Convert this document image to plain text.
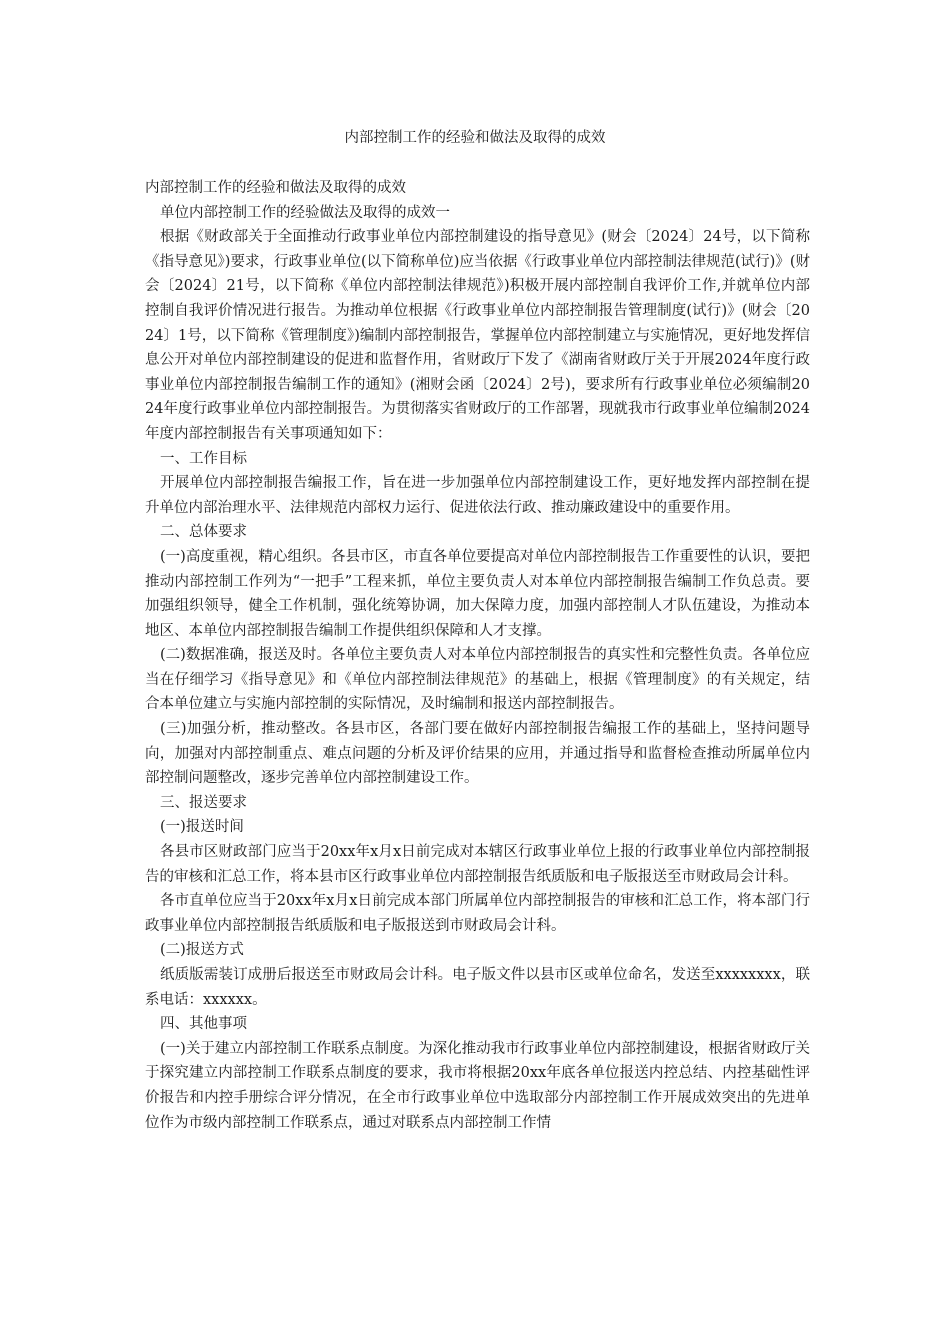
内部控制工作的经验和做法及取得的成效

内部控制工作的经验和做法及取得的成效

单位内部控制工作的经验做法及取得的成效一

根据《财政部关于全面推动行政事业单位内部控制建设的指导意见》(财会〔2024〕24号，以下简称《指导意见》)要求，行政事业单位(以下简称单位)应当依据《行政事业单位内部控制法律规范(试行)》(财会〔2024〕21号，以下简称《单位内部控制法律规范》)积极开展内部控制自我评价工作,并就单位内部控制自我评价情况进行报告。为推动单位根据《行政事业单位内部控制报告管理制度(试行)》(财会〔2024〕1号，以下简称《管理制度》)编制内部控制报告，掌握单位内部控制建立与实施情况，更好地发挥信息公开对单位内部控制建设的促进和监督作用，省财政厅下发了《湖南省财政厅关于开展2024年度行政事业单位内部控制报告编制工作的通知》(湘财会函〔2024〕2号)，要求所有行政事业单位必须编制2024年度行政事业单位内部控制报告。为贯彻落实省财政厅的工作部署，现就我市行政事业单位编制2024年度内部控制报告有关事项通知如下：

一、工作目标

开展单位内部控制报告编报工作，旨在进一步加强单位内部控制建设工作，更好地发挥内部控制在提升单位内部治理水平、法律规范内部权力运行、促进依法行政、推动廉政建设中的重要作用。

二、总体要求

(一)高度重视，精心组织。各县市区，市直各单位要提高对单位内部控制报告工作重要性的认识，要把推动内部控制工作列为“一把手”工程来抓，单位主要负责人对本单位内部控制报告编制工作负总责。要加强组织领导，健全工作机制，强化统筹协调，加大保障力度，加强内部控制人才队伍建设，为推动本地区、本单位内部控制报告编制工作提供组织保障和人才支撑。

(二)数据准确，报送及时。各单位主要负责人对本单位内部控制报告的真实性和完整性负责。各单位应当在仔细学习《指导意见》和《单位内部控制法律规范》的基础上，根据《管理制度》的有关规定，结合本单位建立与实施内部控制的实际情况，及时编制和报送内部控制报告。

(三)加强分析，推动整改。各县市区，各部门要在做好内部控制报告编报工作的基础上，坚持问题导向，加强对内部控制重点、难点问题的分析及评价结果的应用，并通过指导和监督检查推动所属单位内部控制问题整改，逐步完善单位内部控制建设工作。

三、报送要求

(一)报送时间

各县市区财政部门应当于20xx年x月x日前完成对本辖区行政事业单位上报的行政事业单位内部控制报告的审核和汇总工作，将本县市区行政事业单位内部控制报告纸质版和电子版报送至市财政局会计科。

各市直单位应当于20xx年x月x日前完成本部门所属单位内部控制报告的审核和汇总工作，将本部门行政事业单位内部控制报告纸质版和电子版报送到市财政局会计科。

(二)报送方式

纸质版需装订成册后报送至市财政局会计科。电子版文件以县市区或单位命名，发送至xxxxxxxx，联系电话：xxxxxx。

四、其他事项

(一)关于建立内部控制工作联系点制度。为深化推动我市行政事业单位内部控制建设，根据省财政厅关于探究建立内部控制工作联系点制度的要求，我市将根据20xx年底各单位报送内控总结、内控基础性评价报告和内控手册综合评分情况，在全市行政事业单位中选取部分内部控制工作开展成效突出的先进单位作为市级内部控制工作联系点，通过对联系点内部控制工作情
